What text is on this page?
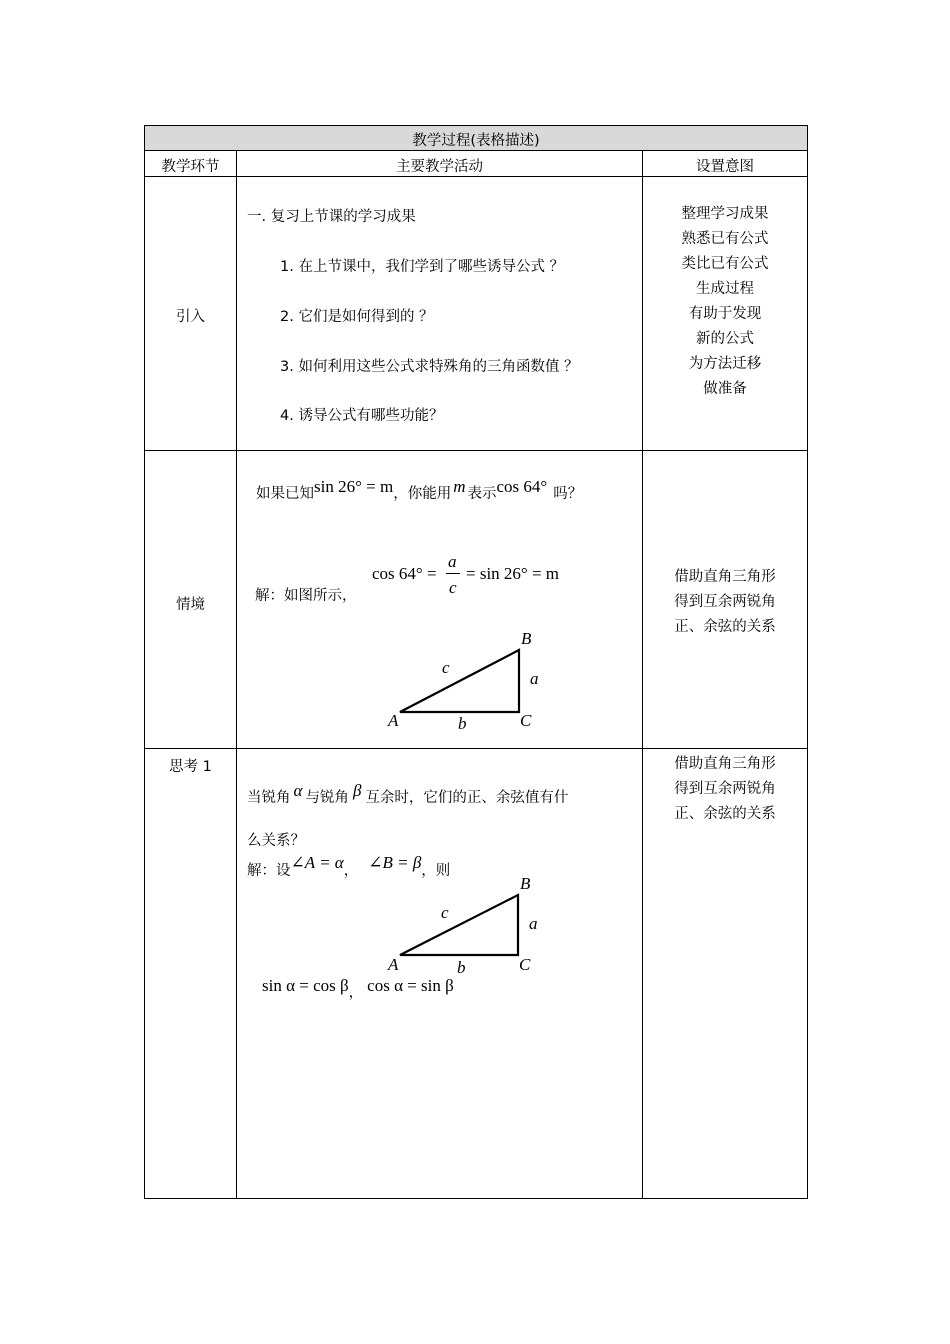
教学过程(表格描述)
教学环节	主要教学活动	设置意图
引入
一. 复习上节课的学习成果
1. 在上节课中，我们学到了哪些诱导公式 ？
2. 它们是如何得到的 ？
3. 如何利用这些公式求特殊角的三角函数值 ？
4. 诱导公式有哪些功能？
整理学习成果
熟悉已有公式
类比已有公式
生成过程
有助于发现
新的公式
为方法迁移
做准备
情境
如果已知sin 26° = m，你能用 m 表示cos 64° 吗？
解：如图所示，
cos 64° =
a
c
= sin 26° = m
A
B
C
a
b
c
借助直角三角形
得到互余两锐角
正、余弦的关系
思考 1
当锐角 α 与锐角 β 互余时，它们的正、余弦值有什
么关系？
解：设∠A = α， ∠B = β，则
A
B
C
a
b
c
sin α = cos β， cos α = sin β
借助直角三角形
得到互余两锐角
正、余弦的关系
